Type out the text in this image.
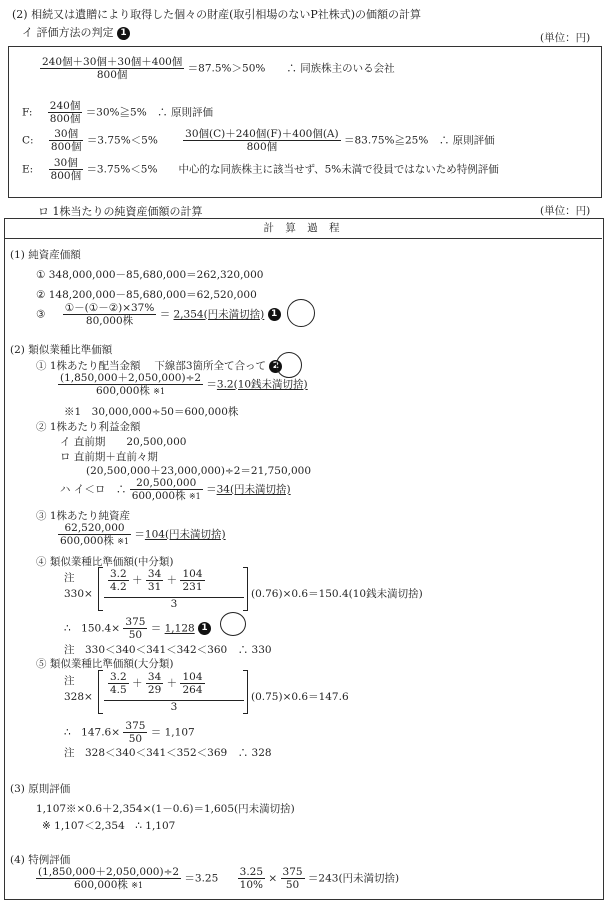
(2) 相続又は遺贈により取得した個々の財産(取引相場のないP社株式)の価額の計算
イ 評価方法の判定 1	(単位：円)
$\frac{\text{240個＋30個＋30個＋400個}}{\text{800個}} =87.5\%>50\%$　　∴ 同族株主のいる会社
F: $\frac{\text{240個}}{\text{800個}}$ ＝30%≧5%　∴ 原則評価
C: $\frac{\text{30個}}{\text{800個}} =3.75\%<5\% \frac{\text{30個(C)＋240個(F)＋400個(A)}}{\text{800個}}$ ＝83.75%≧25%　∴ 原則評価
E: $\frac{\text{30個}}{\text{800個}} =3.75\%<5\%$　　中心的な同族株主に該当せず、5%未満で役員ではないため特例評価
ロ 1株当たりの純資産価額の計算	(単位：円)
計 算 過 程
(1) 純資産価額
① 348,000,000－85,680,000＝262,320,000
② 148,200,000－85,680,000＝62,520,000
③ $\frac{\text{①－(①－②)×37\%}}{\text{80,000株}} = 2,354$(円未満切捨) 1
(2) 類似業種比準価額
① 1株あたり配当金額　 下線部3箇所全て合って 2
$\frac{(1,850,000+2,050,000)\div 2}{\text{600,000株 ※1}} =3.2(10$銭未満切捨)
※1　30,000,000÷50＝600,000株
② 1株あたり利益金額
イ 直前期　　20,500,000
ロ 直前期＋直前々期
(20,500,000＋23,000,000)÷2＝21,750,000
ハ イ＜ロ　∴ $\frac{20,500,000}{\text{600,000株 ※1}} =34$(円未満切捨)
③ 1株あたり純資産
$\frac{62,520,000}{\text{600,000株 ※1}} =104$(円未満切捨)
④ 類似業種比準価額(中分類)
注
330×
$\frac{3.2}{4.2} + \frac{34}{31} + \frac{104}{231}$
3
(0.76)×0.6＝150.4(10銭未満切捨)
∴　$150.4\times \frac{375}{50} = 1,128$ 1
注　330＜340＜341＜342＜360　∴ 330
⑤ 類似業種比準価額(大分類)
注
328×
$\frac{3.2}{4.5} + \frac{34}{29} + \frac{104}{264}$
3
(0.75)×0.6＝147.6
∴　$147.6\times \frac{375}{50} = 1,107$
注　328＜340＜341＜352＜369　∴ 328
(3) 原則評価
1,107※×0.6＋2,354×(1－0.6)＝1,605(円未満切捨)
※ 1,107＜2,354　∴ 1,107
(4) 特例評価
$\frac{(1,850,000+2,050,000)\div 2}{\text{600,000株 ※1}} =3.25 \frac{3.25}{10\%} \times \frac{375}{50} =243$(円未満切捨)
